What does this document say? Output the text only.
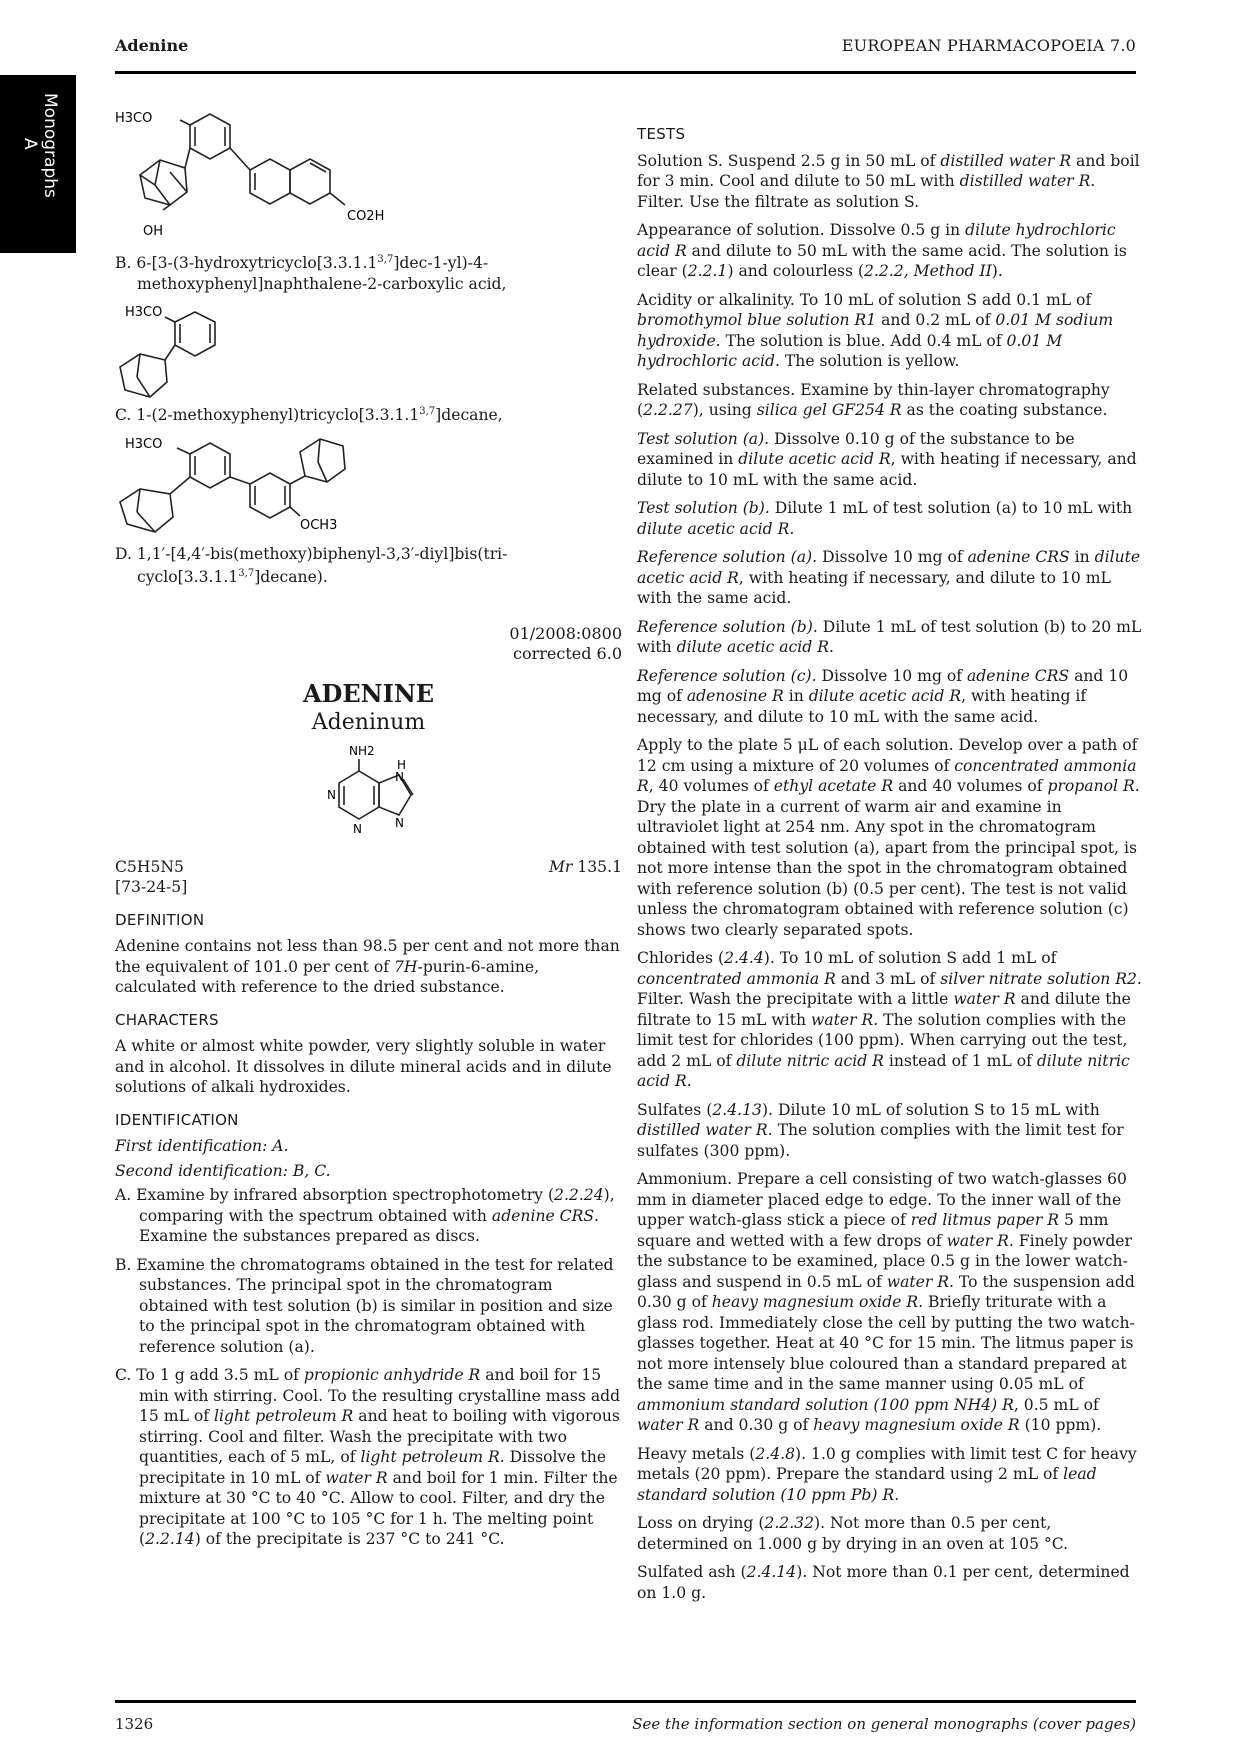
Adenine	EUROPEAN PHARMACOPOEIA 7.0
Monographs
A
H3CO
OH
CO2H

B. 6-[3-(3-hydroxytricyclo[3.3.1.1$^{3,7}$]dec-1-yl)-4-methoxyphenyl]naphthalene-2-carboxylic acid,

H3CO

C. 1-(2-methoxyphenyl)tricyclo[3.3.1.1$^{3,7}$]decane,

H3CO
OCH3

D. 1,1′-[4,4′-bis(methoxy)biphenyl-3,3′-diyl]bis(tri-cyclo[3.3.1.1$^{3,7}$]decane).

01/2008:0800
corrected 6.0

ADENINE

Adeninum

NH2
N
N
N
H
N
C5H5N5	Mr 135.1
[73-24-5]
DEFINITION

Adenine contains not less than 98.5 per cent and not more than the equivalent of 101.0 per cent of 7H-purin-6-amine, calculated with reference to the dried substance.

CHARACTERS

A white or almost white powder, very slightly soluble in water and in alcohol. It dissolves in dilute mineral acids and in dilute solutions of alkali hydroxides.

IDENTIFICATION

First identification: A.

Second identification: B, C.

A. Examine by infrared absorption spectrophotometry (2.2.24), comparing with the spectrum obtained with adenine CRS. Examine the substances prepared as discs.

B. Examine the chromatograms obtained in the test for related substances. The principal spot in the chromatogram obtained with test solution (b) is similar in position and size to the principal spot in the chromatogram obtained with reference solution (a).

C. To 1 g add 3.5 mL of propionic anhydride R and boil for 15 min with stirring. Cool. To the resulting crystalline mass add 15 mL of light petroleum R and heat to boiling with vigorous stirring. Cool and filter. Wash the precipitate with two quantities, each of 5 mL, of light petroleum R. Dissolve the precipitate in 10 mL of water R and boil for 1 min. Filter the mixture at 30 °C to 40 °C. Allow to cool. Filter, and dry the precipitate at 100 °C to 105 °C for 1 h. The melting point (2.2.14) of the precipitate is 237 °C to 241 °C.

TESTS

Solution S. Suspend 2.5 g in 50 mL of distilled water R and boil for 3 min. Cool and dilute to 50 mL with distilled water R. Filter. Use the filtrate as solution S.

Appearance of solution. Dissolve 0.5 g in dilute hydrochloric acid R and dilute to 50 mL with the same acid. The solution is clear (2.2.1) and colourless (2.2.2, Method II).

Acidity or alkalinity. To 10 mL of solution S add 0.1 mL of bromothymol blue solution R1 and 0.2 mL of 0.01 M sodium hydroxide. The solution is blue. Add 0.4 mL of 0.01 M hydrochloric acid. The solution is yellow.

Related substances. Examine by thin-layer chromatography (2.2.27), using silica gel GF254 R as the coating substance.

Test solution (a). Dissolve 0.10 g of the substance to be examined in dilute acetic acid R, with heating if necessary, and dilute to 10 mL with the same acid.

Test solution (b). Dilute 1 mL of test solution (a) to 10 mL with dilute acetic acid R.

Reference solution (a). Dissolve 10 mg of adenine CRS in dilute acetic acid R, with heating if necessary, and dilute to 10 mL with the same acid.

Reference solution (b). Dilute 1 mL of test solution (b) to 20 mL with dilute acetic acid R.

Reference solution (c). Dissolve 10 mg of adenine CRS and 10 mg of adenosine R in dilute acetic acid R, with heating if necessary, and dilute to 10 mL with the same acid.

Apply to the plate 5 μL of each solution. Develop over a path of 12 cm using a mixture of 20 volumes of concentrated ammonia R, 40 volumes of ethyl acetate R and 40 volumes of propanol R. Dry the plate in a current of warm air and examine in ultraviolet light at 254 nm. Any spot in the chromatogram obtained with test solution (a), apart from the principal spot, is not more intense than the spot in the chromatogram obtained with reference solution (b) (0.5 per cent). The test is not valid unless the chromatogram obtained with reference solution (c) shows two clearly separated spots.

Chlorides (2.4.4). To 10 mL of solution S add 1 mL of concentrated ammonia R and 3 mL of silver nitrate solution R2. Filter. Wash the precipitate with a little water R and dilute the filtrate to 15 mL with water R. The solution complies with the limit test for chlorides (100 ppm). When carrying out the test, add 2 mL of dilute nitric acid R instead of 1 mL of dilute nitric acid R.

Sulfates (2.4.13). Dilute 10 mL of solution S to 15 mL with distilled water R. The solution complies with the limit test for sulfates (300 ppm).

Ammonium. Prepare a cell consisting of two watch-glasses 60 mm in diameter placed edge to edge. To the inner wall of the upper watch-glass stick a piece of red litmus paper R 5 mm square and wetted with a few drops of water R. Finely powder the substance to be examined, place 0.5 g in the lower watch-glass and suspend in 0.5 mL of water R. To the suspension add 0.30 g of heavy magnesium oxide R. Briefly triturate with a glass rod. Immediately close the cell by putting the two watch-glasses together. Heat at 40 °C for 15 min. The litmus paper is not more intensely blue coloured than a standard prepared at the same time and in the same manner using 0.05 mL of ammonium standard solution (100 ppm NH4) R, 0.5 mL of water R and 0.30 g of heavy magnesium oxide R (10 ppm).

Heavy metals (2.4.8). 1.0 g complies with limit test C for heavy metals (20 ppm). Prepare the standard using 2 mL of lead standard solution (10 ppm Pb) R.

Loss on drying (2.2.32). Not more than 0.5 per cent, determined on 1.000 g by drying in an oven at 105 °C.

Sulfated ash (2.4.14). Not more than 0.1 per cent, determined on 1.0 g.

1326	See the information section on general monographs (cover pages)
